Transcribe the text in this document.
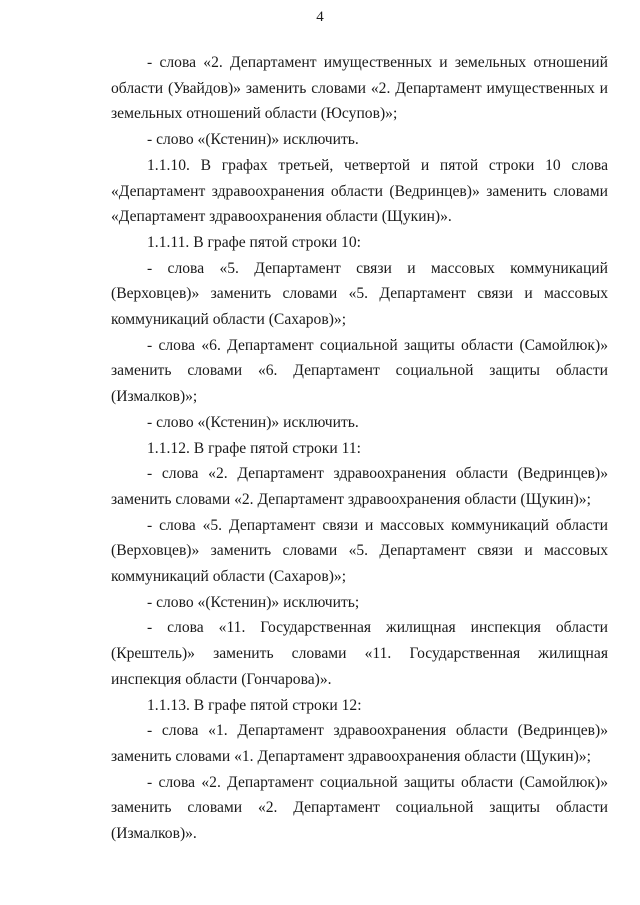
4

- слова «2. Департамент имущественных и земельных отношений области (Увайдов)» заменить словами «2. Департамент имущественных и земельных отношений области (Юсупов)»;

- слово «(Кстенин)» исключить.

1.1.10. В графах третьей, четвертой и пятой строки 10 слова «Департамент здравоохранения области (Ведринцев)» заменить словами «Департамент здравоохранения области (Щукин)».

1.1.11. В графе пятой строки 10:

- слова «5. Департамент связи и массовых коммуникаций (Верховцев)» заменить словами «5. Департамент связи и массовых коммуникаций области (Сахаров)»;

- слова «6. Департамент социальной защиты области (Самойлюк)» заменить словами «6. Департамент социальной защиты области (Измалков)»;

- слово «(Кстенин)» исключить.

1.1.12. В графе пятой строки 11:

- слова «2. Департамент здравоохранения области (Ведринцев)» заменить словами «2. Департамент здравоохранения области (Щукин)»;

- слова «5. Департамент связи и массовых коммуникаций области (Верховцев)» заменить словами «5. Департамент связи и массовых коммуникаций области (Сахаров)»;

- слово «(Кстенин)» исключить;

- слова «11. Государственная жилищная инспекция области (Крештель)» заменить словами «11. Государственная жилищная инспекция области (Гончарова)».

1.1.13. В графе пятой строки 12:

- слова «1. Департамент здравоохранения области (Ведринцев)» заменить словами «1. Департамент здравоохранения области (Щукин)»;

- слова «2. Департамент социальной защиты области (Самойлюк)» заменить словами «2. Департамент социальной защиты области (Измалков)».
